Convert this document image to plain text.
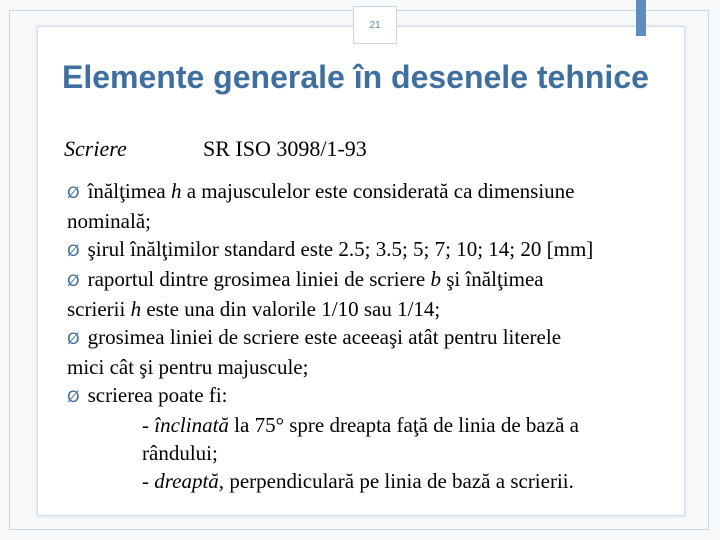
21
Elemente generale în desenele tehnice
Scriere	SR ISO 3098/1-93
Ø înălţimea h a majusculelor este considerată ca dimensiune
nominală;
Ø şirul înălţimilor standard este 2.5; 3.5; 5; 7; 10; 14; 20 [mm]
Ø raportul dintre grosimea liniei de scriere b şi înălţimea
scrierii h este una din valorile 1/10 sau 1/14;
Ø grosimea liniei de scriere este aceeaşi atât pentru literele
mici cât şi pentru majuscule;
Ø scrierea poate fi:
- înclinată la 75° spre dreapta faţă de linia de bază a
rândului;
- dreaptă, perpendiculară pe linia de bază a scrierii.
